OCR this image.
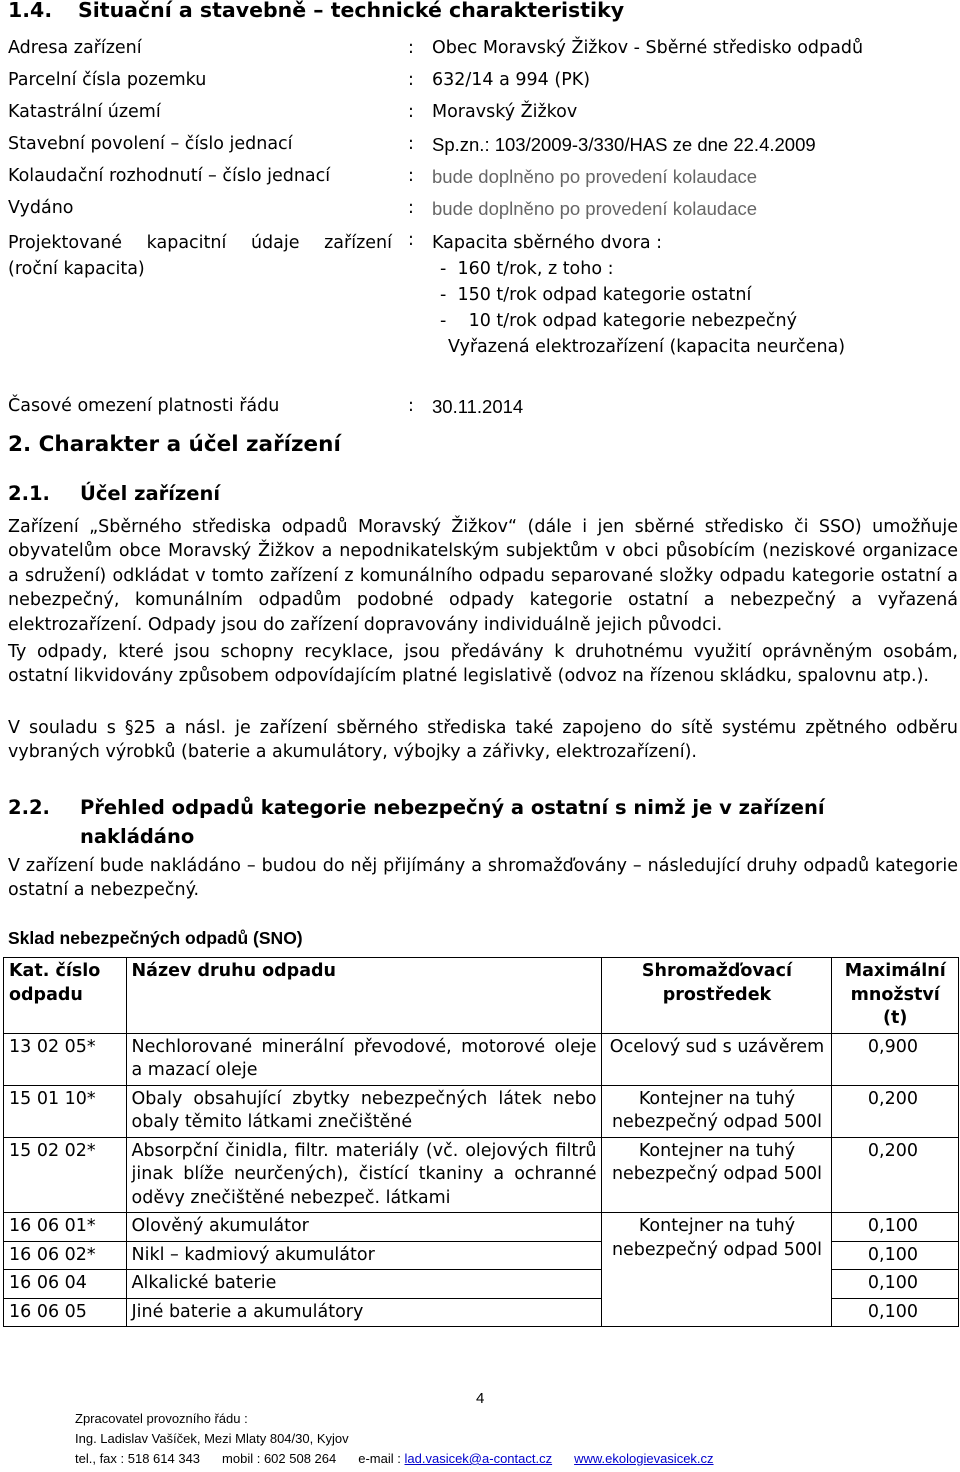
1.4. Situační a stavebně – technické charakteristiky
Adresa zařízení	: Obec Moravský Žižkov - Sběrné středisko odpadů
Parcelní čísla pozemku	: 632/14 a 994 (PK)
Katastrální území	: Moravský Žižkov
Stavební povolení – číslo jednací	: Sp.zn.: 103/2009-3/330/HAS ze dne 22.4.2009
Kolaudační rozhodnutí – číslo jednací	: bude doplněno po provedení kolaudace
Vydáno	: bude doplněno po provedení kolaudace
Projektované kapacitní údaje zařízení
(roční kapacita)
: Kapacita sběrného dvora :
-  160 t/rok, z toho :
-  150 t/rok odpad kategorie ostatní
-    10 t/rok odpad kategorie nebezpečný
Vyřazená elektrozařízení (kapacita neurčena)
Časové omezení platnosti řádu	: 30.11.2014
2. Charakter a účel zařízení
2.1. Účel zařízení

Zařízení „Sběrného střediska odpadů Moravský Žižkov“ (dále i jen sběrné středisko či SSO) umožňuje obyvatelům obce Moravský Žižkov a nepodnikatelským subjektům v obci působícím (neziskové organizace a sdružení) odkládat v tomto zařízení z komunálního odpadu separované složky odpadu kategorie ostatní a nebezpečný, komunálním odpadům podobné odpady kategorie ostatní a nebezpečný a vyřazená elektrozařízení. Odpady jsou do zařízení dopravovány individuálně jejich původci.

Ty odpady, které jsou schopny recyklace, jsou předávány k druhotnému využití oprávněným osobám, ostatní likvidovány způsobem odpovídajícím platné legislativě (odvoz na řízenou skládku, spalovnu atp.).

V souladu s §25 a násl. je zařízení sběrného střediska také zapojeno do sítě systému zpětného odběru vybraných výrobků (baterie a akumulátory, výbojky a zářivky, elektrozařízení).

2.2. Přehled odpadů kategorie nebezpečný a ostatní s nimž je v zařízení
nakládáno

V zařízení bude nakládáno – budou do něj přijímány a shromažďovány – následující druhy odpadů kategorie ostatní a nebezpečný.

Sklad nebezpečných odpadů (SNO)
Kat. číslo odpadu	Název druhu odpadu	Shromažďovací prostředek	Maximální množství (t)
13 02 05*	Nechlorované minerální převodové, motorové oleje a mazací oleje	Ocelový sud s uzávěrem	0,900
15 01 10*	Obaly obsahující zbytky nebezpečných látek nebo obaly těmito látkami znečištěné	Kontejner na tuhý nebezpečný odpad 500l	0,200
15 02 02*	Absorpční činidla, filtr. materiály (vč. olejových filtrů jinak blíže neurčených), čistící tkaniny a ochranné oděvy znečištěné nebezpeč. látkami	Kontejner na tuhý nebezpečný odpad 500l	0,200
16 06 01*	Olověný akumulátor	Kontejner na tuhý nebezpečný odpad 500l	0,100
16 06 02*	Nikl – kadmiový akumulátor		0,100
16 06 04	Alkalické baterie		0,100
16 06 05	Jiné baterie a akumulátory		0,100
4
Zpracovatel provozního řádu :
Ing. Ladislav Vašíček, Mezi Mlaty 804/30, Kyjov
tel., fax : 518 614 343 mobil : 602 508 264 e-mail : lad.vasicek@a-contact.cz www.ekologievasicek.cz
